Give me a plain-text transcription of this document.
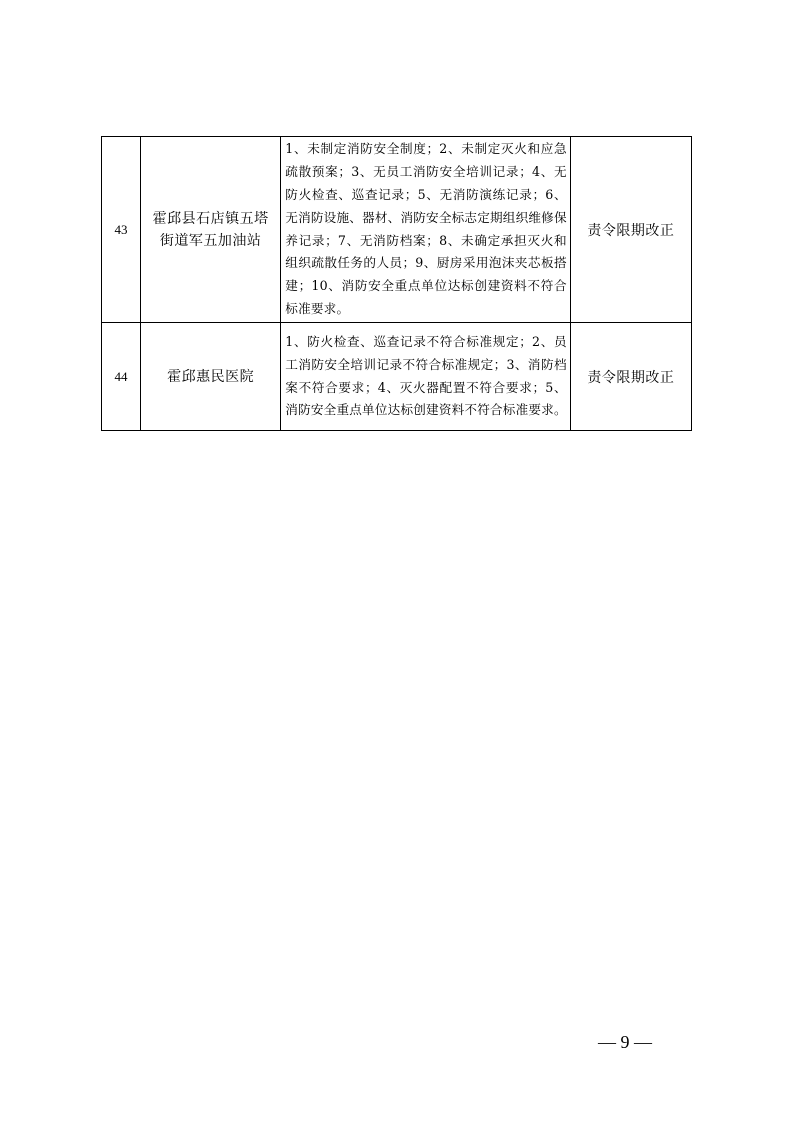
43	霍邱县石店镇五塔街道军五加油站	1、未制定消防安全制度；2、未制定灭火和应急疏散预案；3、无员工消防安全培训记录；4、无防火检查、巡查记录；5、无消防演练记录；6、无消防设施、器材、消防安全标志定期组织维修保养记录；7、无消防档案；8、未确定承担灭火和组织疏散任务的人员；9、厨房采用泡沫夹芯板搭建；10、消防安全重点单位达标创建资料不符合标准要求。	责令限期改正
44	霍邱惠民医院	1、防火检查、巡查记录不符合标准规定；2、员工消防安全培训记录不符合标准规定；3、消防档案不符合要求；4、灭火器配置不符合要求；5、消防安全重点单位达标创建资料不符合标准要求。	责令限期改正
— 9 —
